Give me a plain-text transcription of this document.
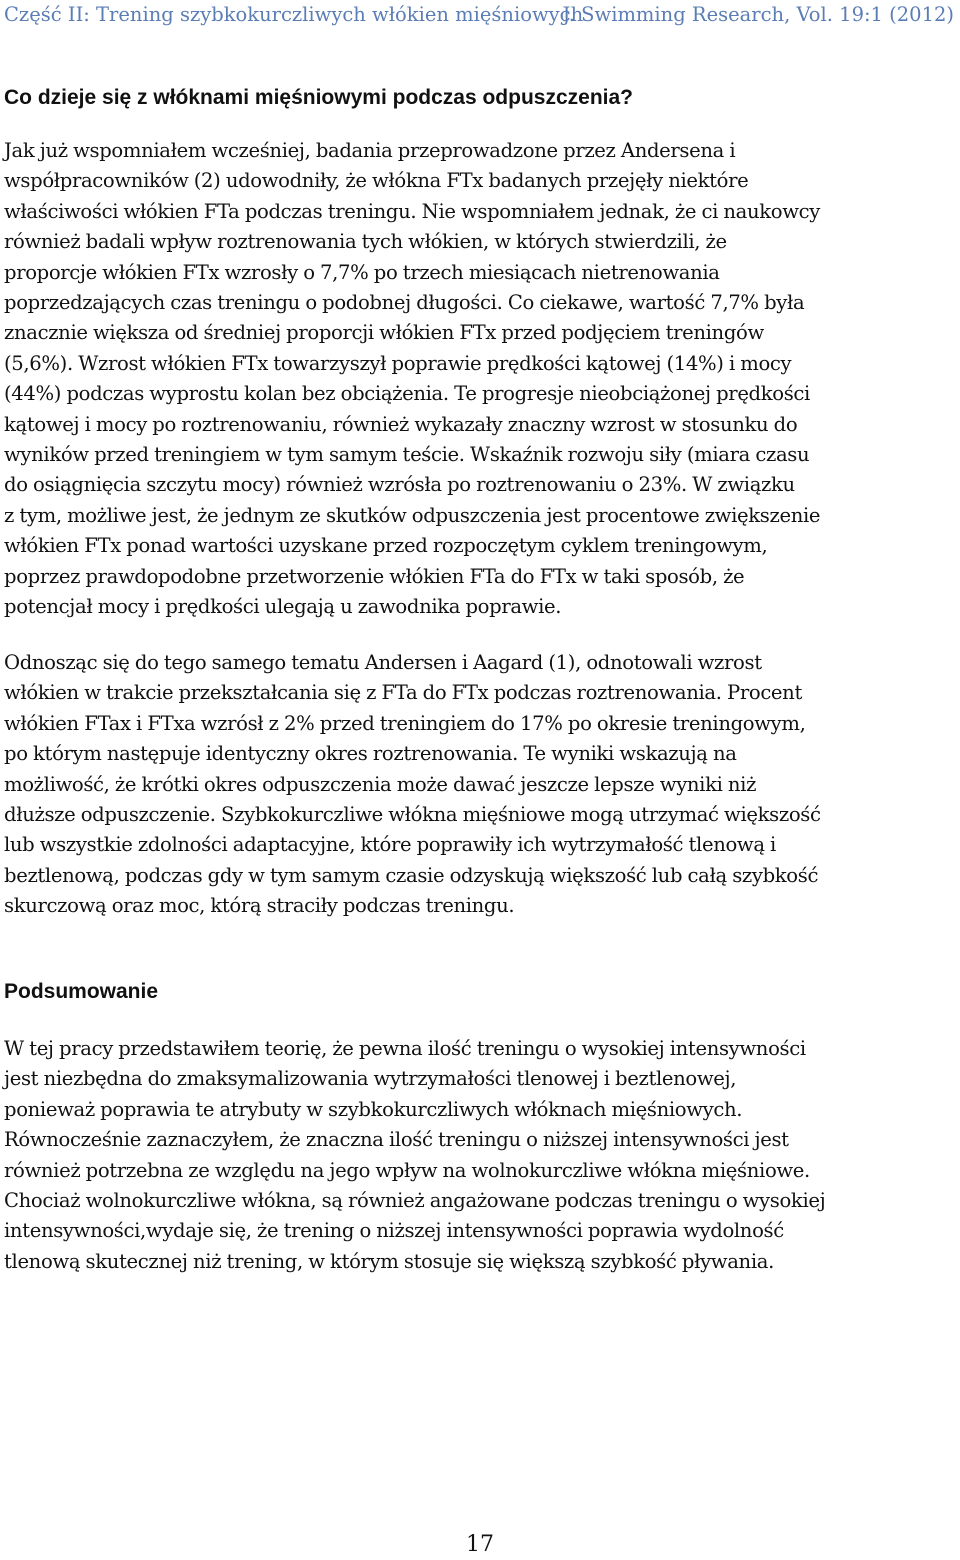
Część II: Trening szybkokurczliwych włókien mięśniowych
J. Swimming Research, Vol. 19:1 (2012)
Co dzieje się z włóknami mięśniowymi podczas odpuszczenia?

Jak już wspomniałem wcześniej, badania przeprowadzone przez Andersena i
współpracowników (2) udowodniły, że włókna FTx badanych przejęły niektóre
właściwości włókien FTa podczas treningu. Nie wspomniałem jednak, że ci naukowcy
również badali wpływ roztrenowania tych włókien, w których stwierdzili, że
proporcje włókien FTx wzrosły o 7,7% po trzech miesiącach nietrenowania
poprzedzających czas treningu o podobnej długości. Co ciekawe, wartość 7,7% była
znacznie większa od średniej proporcji włókien FTx przed podjęciem treningów
(5,6%). Wzrost włókien FTx towarzyszył poprawie prędkości kątowej (14%) i mocy
(44%) podczas wyprostu kolan bez obciążenia. Te progresje nieobciążonej prędkości
kątowej i mocy po roztrenowaniu, również wykazały znaczny wzrost w stosunku do
wyników przed treningiem w tym samym teście. Wskaźnik rozwoju siły (miara czasu
do osiągnięcia szczytu mocy) również wzrósła po roztrenowaniu o 23%. W związku
z tym, możliwe jest, że jednym ze skutków odpuszczenia jest procentowe zwiększenie
włókien FTx ponad wartości uzyskane przed rozpoczętym cyklem treningowym,
poprzez prawdopodobne przetworzenie włókien FTa do FTx w taki sposób, że
potencjał mocy i prędkości ulegają u zawodnika poprawie.

Odnosząc się do tego samego tematu Andersen i Aagard (1), odnotowali wzrost
włókien w trakcie przekształcania się z FTa do FTx podczas roztrenowania. Procent
włókien FTax i FTxa wzrósł z 2% przed treningiem do 17% po okresie treningowym,
po którym następuje identyczny okres roztrenowania. Te wyniki wskazują na
możliwość, że krótki okres odpuszczenia może dawać jeszcze lepsze wyniki niż
dłuższe odpuszczenie. Szybkokurczliwe włókna mięśniowe mogą utrzymać większość
lub wszystkie zdolności adaptacyjne, które poprawiły ich wytrzymałość tlenową i
beztlenową, podczas gdy w tym samym czasie odzyskują większość lub całą szybkość
skurczową oraz moc, którą straciły podczas treningu.

Podsumowanie

W tej pracy przedstawiłem teorię, że pewna ilość treningu o wysokiej intensywności
jest niezbędna do zmaksymalizowania wytrzymałości tlenowej i beztlenowej,
ponieważ poprawia te atrybuty w szybkokurczliwych włóknach mięśniowych.
Równocześnie zaznaczyłem, że znaczna ilość treningu o niższej intensywności jest
również potrzebna ze względu na jego wpływ na wolnokurczliwe włókna mięśniowe.
Chociaż wolnokurczliwe włókna, są również angażowane podczas treningu o wysokiej
intensywności,wydaje się, że trening o niższej intensywności poprawia wydolność
tlenową skutecznej niż trening, w którym stosuje się większą szybkość pływania.

17
